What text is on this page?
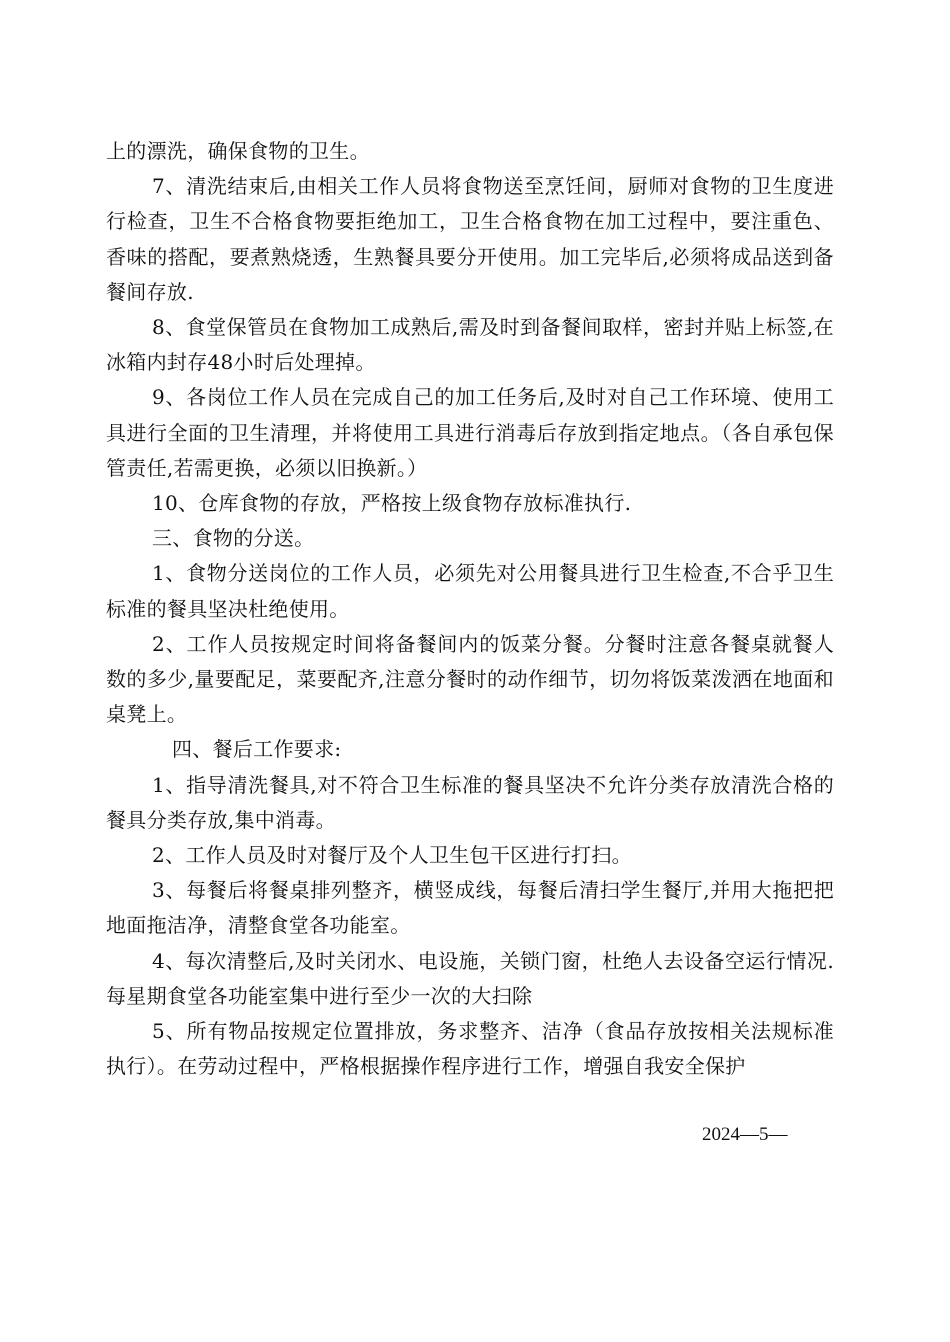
上的漂洗，确保食物的卫生。

7、清洗结束后,由相关工作人员将食物送至烹饪间，厨师对食物的卫生度进行检查，卫生不合格食物要拒绝加工，卫生合格食物在加工过程中，要注重色、香味的搭配，要煮熟烧透，生熟餐具要分开使用。加工完毕后,必须将成品送到备餐间存放.

8、食堂保管员在食物加工成熟后,需及时到备餐间取样，密封并贴上标签,在冰箱内封存48小时后处理掉。

9、各岗位工作人员在完成自己的加工任务后,及时对自己工作环境、使用工具进行全面的卫生清理，并将使用工具进行消毒后存放到指定地点。（各自承包保管责任,若需更换，必须以旧换新。）

10、仓库食物的存放，严格按上级食物存放标准执行.

三、食物的分送。

1、食物分送岗位的工作人员，必须先对公用餐具进行卫生检查,不合乎卫生标准的餐具坚决杜绝使用。

2、工作人员按规定时间将备餐间内的饭菜分餐。分餐时注意各餐桌就餐人数的多少,量要配足，菜要配齐,注意分餐时的动作细节，切勿将饭菜泼洒在地面和桌凳上。

四、餐后工作要求:

1、指导清洗餐具,对不符合卫生标准的餐具坚决不允许分类存放清洗合格的餐具分类存放,集中消毒。

2、工作人员及时对餐厅及个人卫生包干区进行打扫。

3、每餐后将餐桌排列整齐，横竖成线，每餐后清扫学生餐厅,并用大拖把把地面拖洁净，清整食堂各功能室。

4、每次清整后,及时关闭水、电设施，关锁门窗，杜绝人去设备空运行情况.每星期食堂各功能室集中进行至少一次的大扫除

5、所有物品按规定位置排放，务求整齐、洁净（食品存放按相关法规标准执行）。在劳动过程中，严格根据操作程序进行工作，增强自我安全保护

2024—5—
